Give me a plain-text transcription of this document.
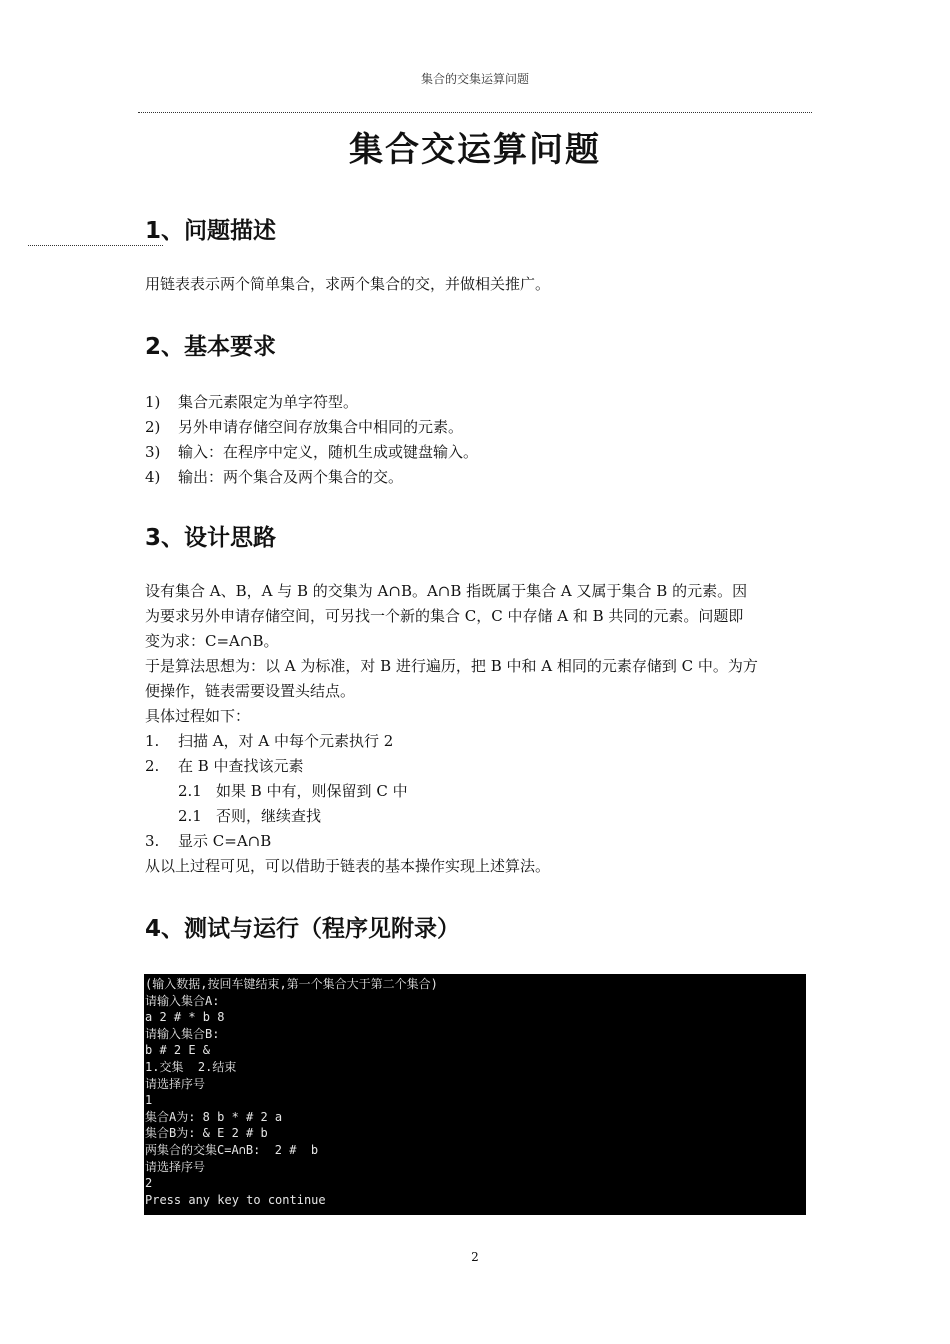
集合的交集运算问题
集合交运算问题
1、问题描述
用链表表示两个简单集合，求两个集合的交，并做相关推广。
2、基本要求
1) 集合元素限定为单字符型。
2) 另外申请存储空间存放集合中相同的元素。
3) 输入：在程序中定义，随机生成或键盘输入。
4) 输出：两个集合及两个集合的交。
3、设计思路
设有集合 A、B，A 与 B 的交集为 A∩B。A∩B 指既属于集合 A 又属于集合 B 的元素。因
为要求另外申请存储空间，可另找一个新的集合 C，C 中存储 A 和 B 共同的元素。问题即
变为求：C=A∩B。
于是算法思想为：以 A 为标准，对 B 进行遍历，把 B 中和 A 相同的元素存储到 C 中。为方
便操作，链表需要设置头结点。
具体过程如下：
1. 扫描 A，对 A 中每个元素执行 2
2. 在 B 中查找该元素
2.1 如果 B 中有，则保留到 C 中
2.1 否则，继续查找
3. 显示 C=A∩B
从以上过程可见，可以借助于链表的基本操作实现上述算法。
4、测试与运行（程序见附录）
(输入数据,按回车键结束,第一个集合大于第二个集合)
请输入集合A:
a 2 # * b 8
请输入集合B:
b # 2 E &
1.交集  2.结束
请选择序号
1
集合A为: 8 b * # 2 a
集合B为: & E 2 # b
两集合的交集C=A∩B:  2 #  b
请选择序号
2
Press any key to continue
2
